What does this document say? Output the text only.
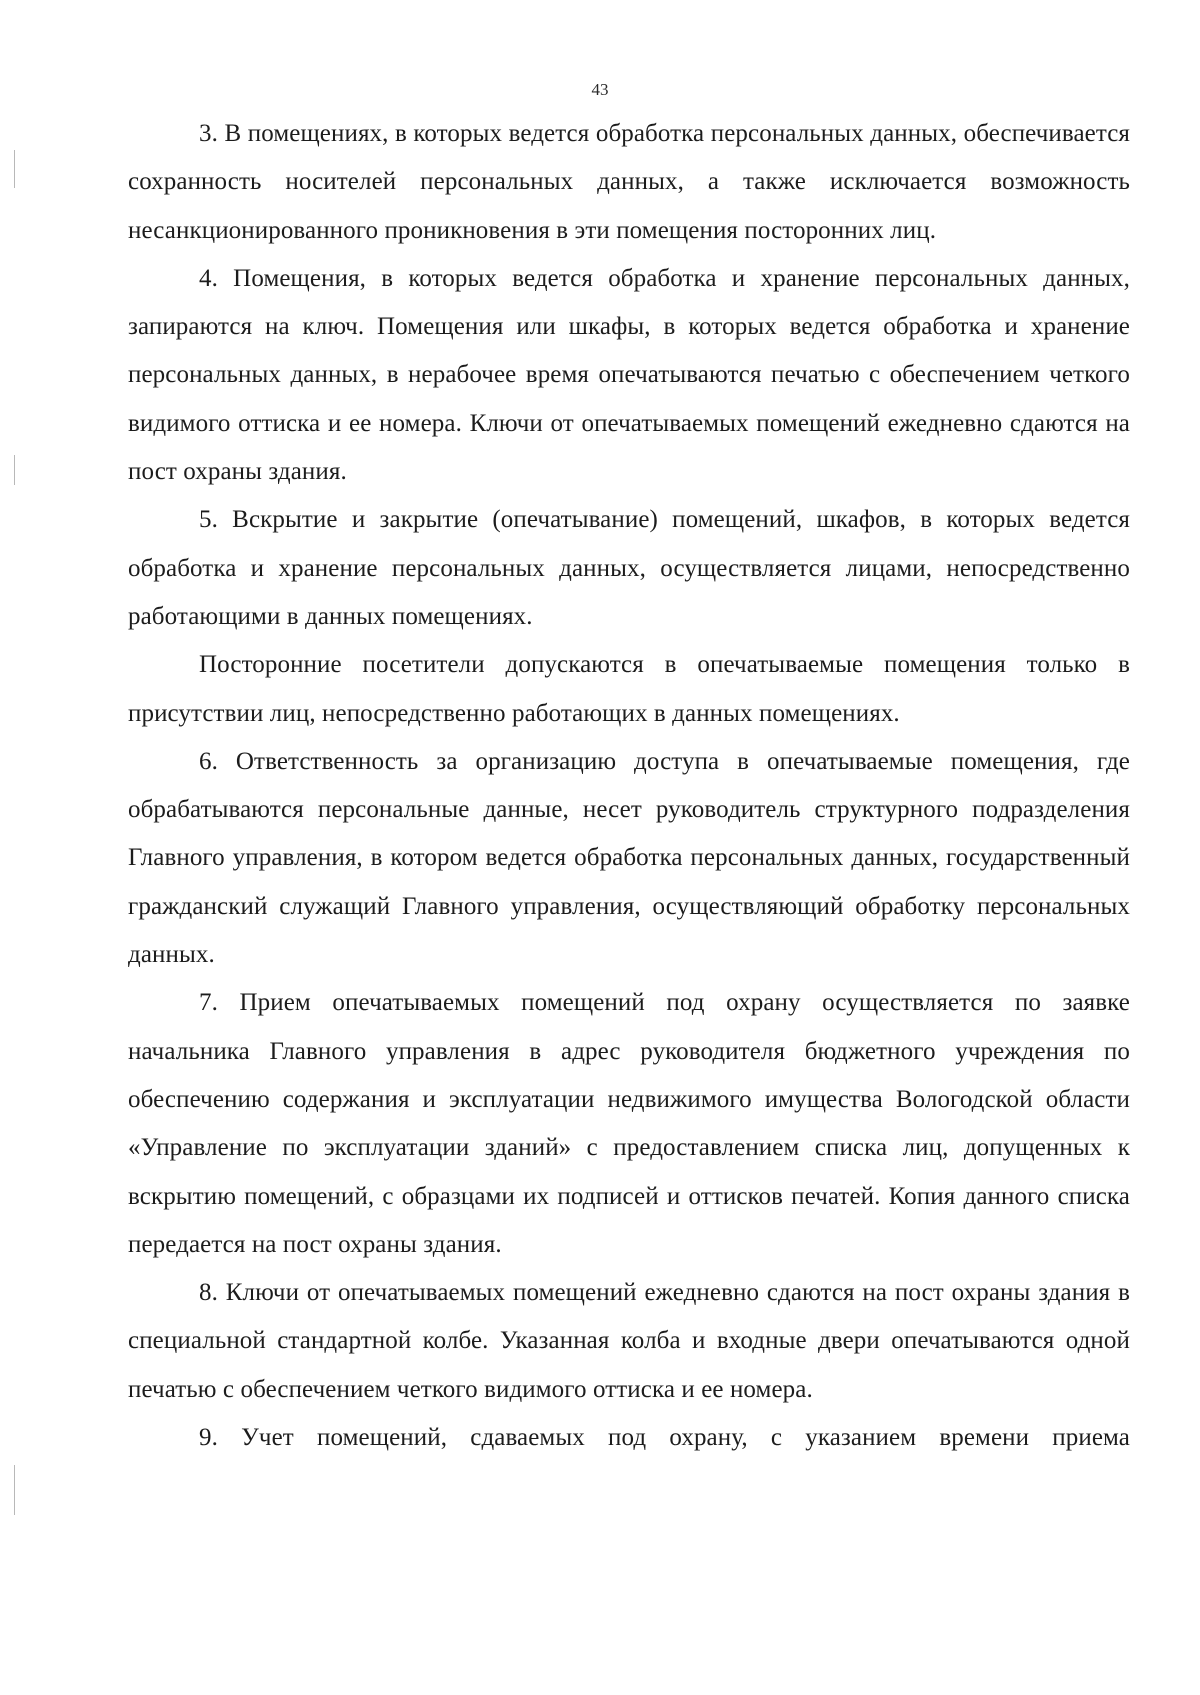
43

3. В помещениях, в которых ведется обработка персональных данных, обеспечивается сохранность носителей персональных данных, а также исключается возможность несанкционированного проникновения в эти помещения посторонних лиц.

4. Помещения, в которых ведется обработка и хранение персональных данных, запираются на ключ. Помещения или шкафы, в которых ведется обработка и хранение персональных данных, в нерабочее время опечатываются печатью с обеспечением четкого видимого оттиска и ее номера. Ключи от опечатываемых помещений ежедневно сдаются на пост охраны здания.

5. Вскрытие и закрытие (опечатывание) помещений, шкафов, в которых ведется обработка и хранение персональных данных, осуществляется лицами, непосредственно работающими в данных помещениях.

Посторонние посетители допускаются в опечатываемые помещения только в присутствии лиц, непосредственно работающих в данных помещениях.

6. Ответственность за организацию доступа в опечатываемые помещения, где обрабатываются персональные данные, несет руководитель структурного подразделения Главного управления, в котором ведется обработка персональных данных, государственный гражданский служащий Главного управления, осуществляющий обработку персональных данных.

7. Прием опечатываемых помещений под охрану осуществляется по заявке начальника Главного управления в адрес руководителя бюджетного учреждения по обеспечению содержания и эксплуатации недвижимого имущества Вологодской области «Управление по эксплуатации зданий» с предоставлением списка лиц, допущенных к вскрытию помещений, с образцами их подписей и оттисков печатей. Копия данного списка передается на пост охраны здания.

8. Ключи от опечатываемых помещений ежедневно сдаются на пост охраны здания в специальной стандартной колбе. Указанная колба и входные двери опечатываются одной печатью с обеспечением четкого видимого оттиска и ее номера.

9. Учет помещений, сдаваемых под охрану, с указанием времени приема
